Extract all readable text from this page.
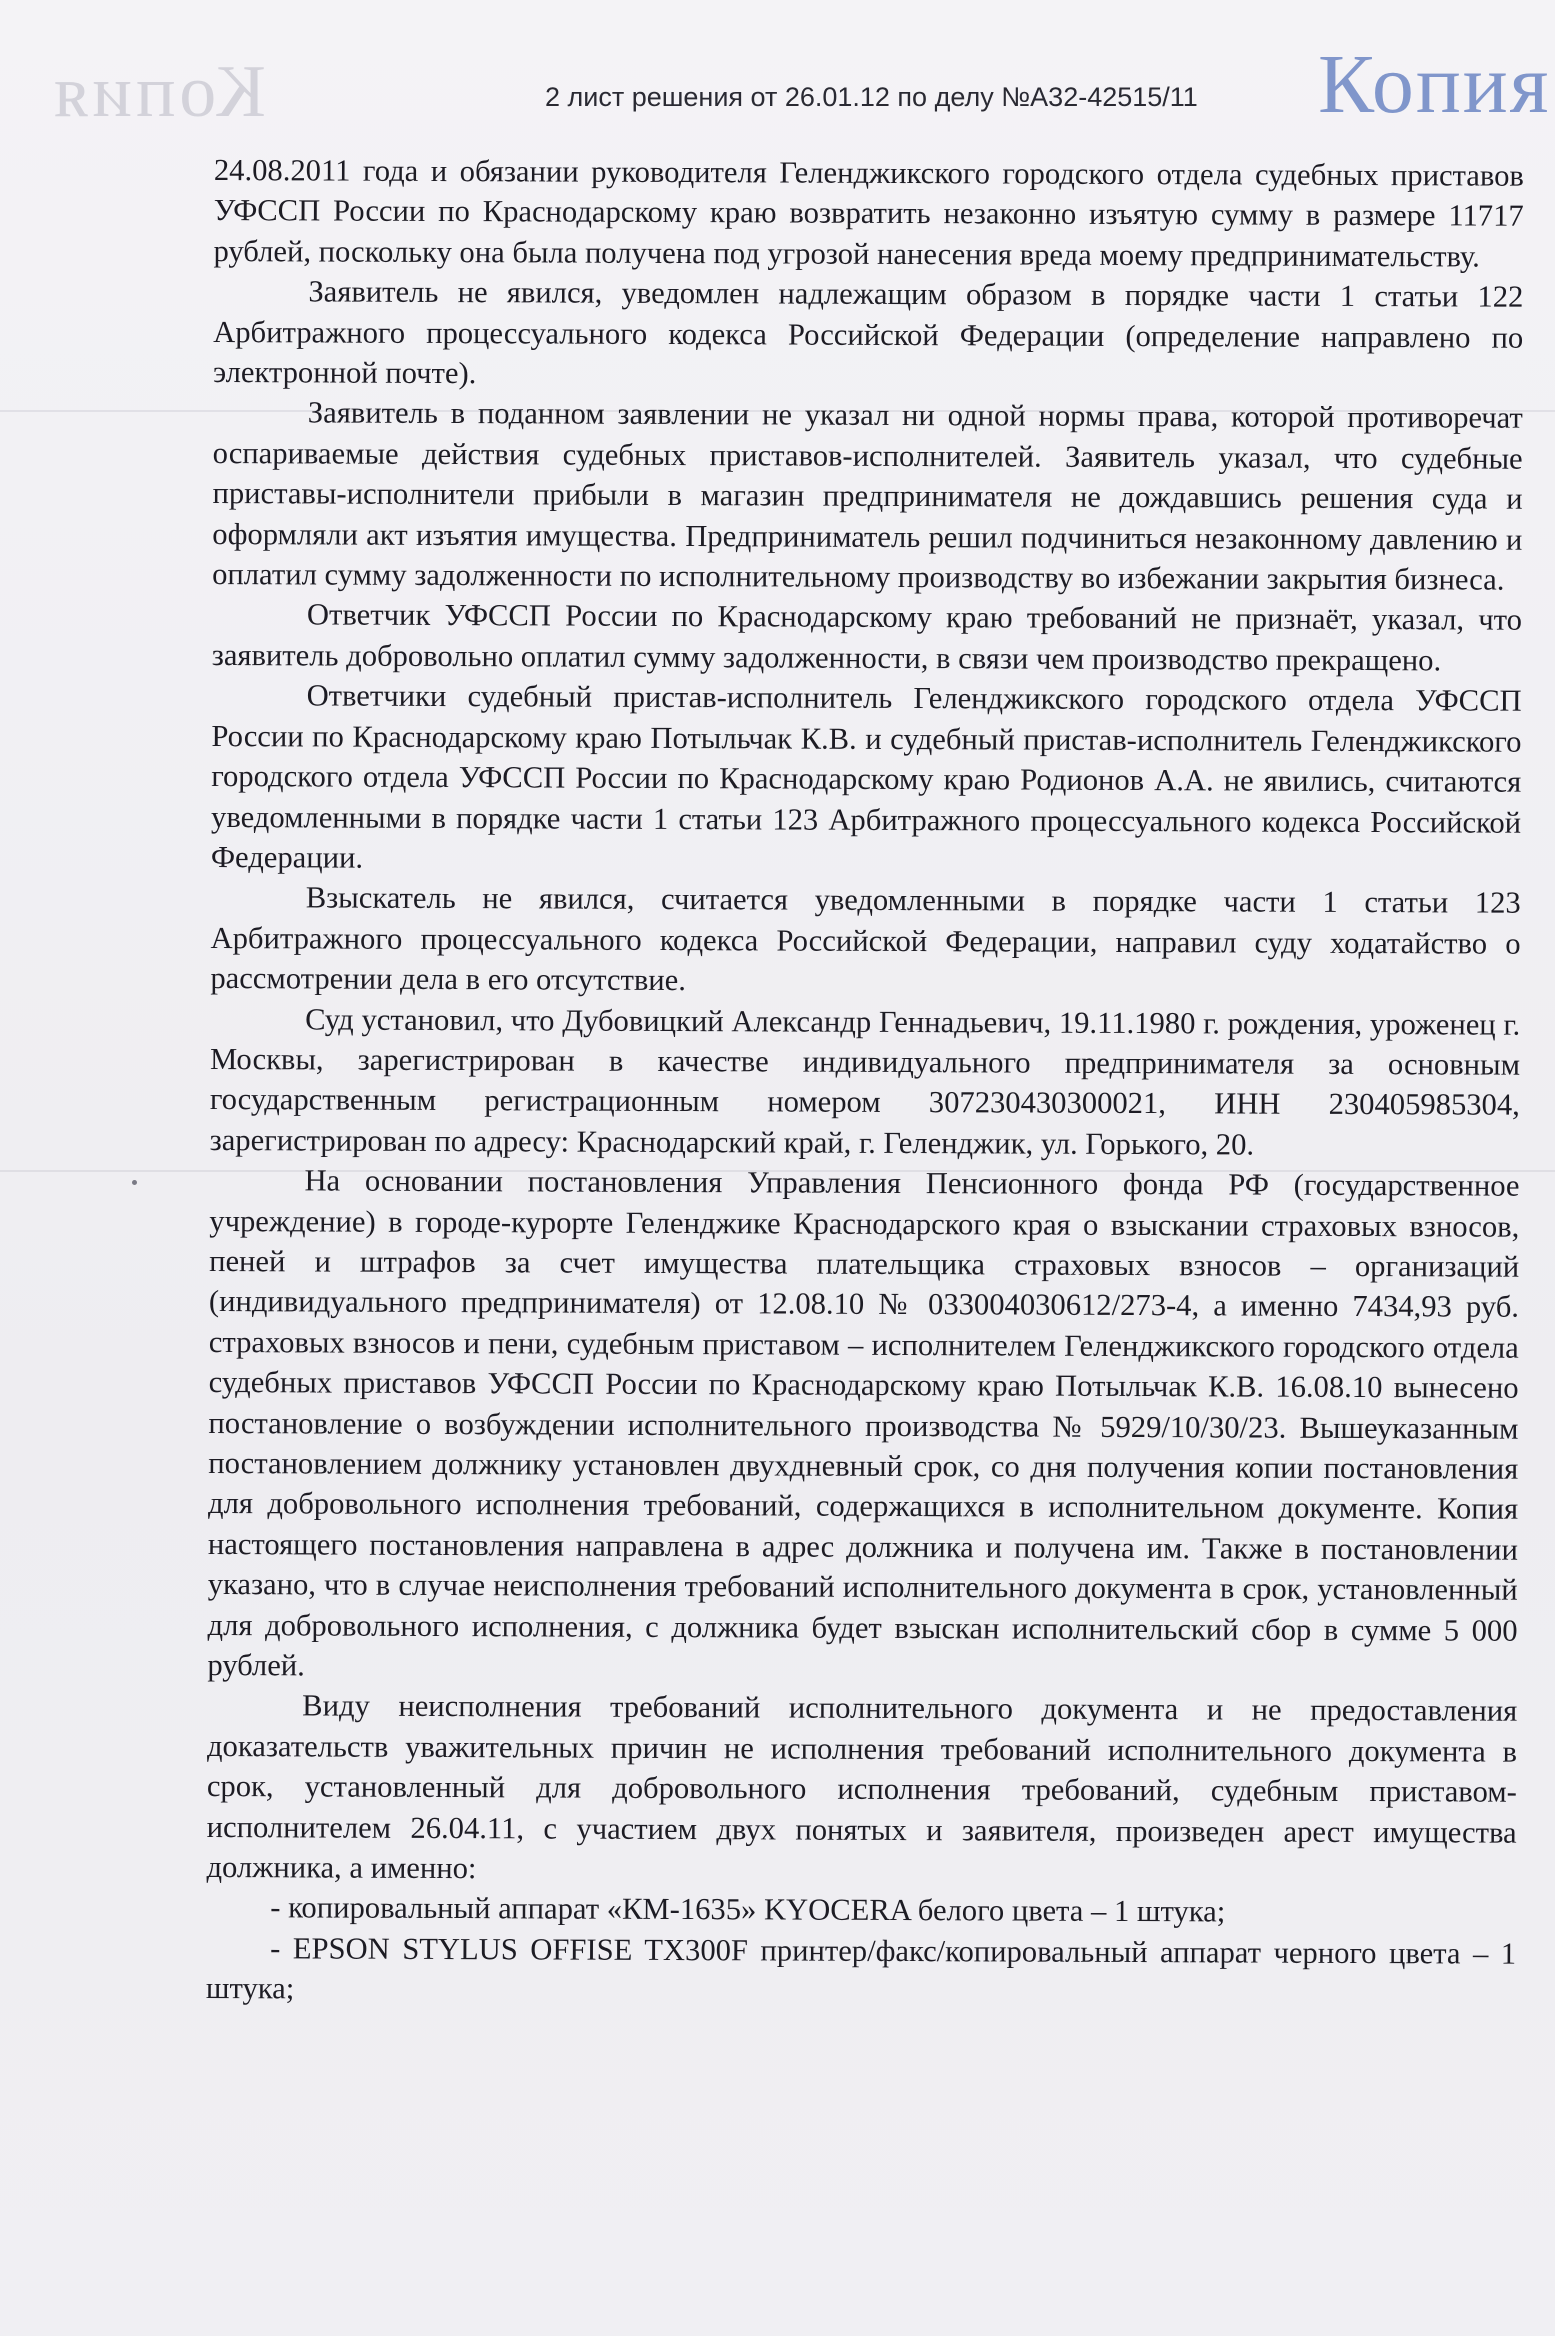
Копия	Копия
2 лист решения от 26.01.12 по делу №А32-42515/11

24.08.2011 года и обязании руководителя Геленджикского городского отдела судебных приставов УФССП России по Краснодарскому краю возвратить незаконно изъятую сумму в размере 11717 рублей, поскольку она была получена под угрозой нанесения вреда моему предпринимательству.

Заявитель не явился, уведомлен надлежащим образом в порядке части 1 статьи 122 Арбитражного процессуального кодекса Российской Федерации (определение направлено по электронной почте).

Заявитель в поданном заявлении не указал ни одной нормы права, которой противоречат оспариваемые действия судебных приставов-исполнителей. Заявитель указал, что судебные приставы-исполнители прибыли в магазин предпринимателя не дождавшись решения суда и оформляли акт изъятия имущества. Предприниматель решил подчиниться незаконному давлению и оплатил сумму задолженности по исполнительному производству во избежании закрытия бизнеса.

Ответчик УФССП России по Краснодарскому краю требований не признаёт, указал, что заявитель добровольно оплатил сумму задолженности, в связи чем производство прекращено.

Ответчики судебный пристав-исполнитель Геленджикского городского отдела УФССП России по Краснодарскому краю Потыльчак К.В. и судебный пристав-исполнитель Геленджикского городского отдела УФССП России по Краснодарскому краю Родионов А.А. не явились, считаются уведомленными в порядке части 1 статьи 123 Арбитражного процессуального кодекса Российской Федерации.

Взыскатель не явился, считается уведомленными в порядке части 1 статьи 123 Арбитражного процессуального кодекса Российской Федерации, направил суду ходатайство о рассмотрении дела в его отсутствие.

Суд установил, что Дубовицкий Александр Геннадьевич, 19.11.1980 г. рождения, уроженец г. Москвы, зарегистрирован в качестве индивидуального предпринимателя за основным государственным регистрационным номером 307230430300021, ИНН 230405985304, зарегистрирован по адресу: Краснодарский край, г. Геленджик, ул. Горького, 20.

На основании постановления Управления Пенсионного фонда РФ (государственное учреждение) в городе-курорте Геленджике Краснодарского края о взыскании страховых взносов, пеней и штрафов за счет имущества плательщика страховых взносов – организаций (индивидуального предпринимателя) от 12.08.10 № 033004030612/273-4, а именно 7434,93 руб. страховых взносов и пени, судебным приставом – исполнителем Геленджикского городского отдела судебных приставов УФССП России по Краснодарскому краю Потыльчак К.В. 16.08.10 вынесено постановление о возбуждении исполнительного производства № 5929/10/30/23. Вышеуказанным постановлением должнику установлен двухдневный срок, со дня получения копии постановления для добровольного исполнения требований, содержащихся в исполнительном документе. Копия настоящего постановления направлена в адрес должника и получена им. Также в постановлении указано, что в случае неисполнения требований исполнительного документа в срок, установленный для добровольного исполнения, с должника будет взыскан исполнительский сбор в сумме 5 000 рублей.

Виду неисполнения требований исполнительного документа и не предоставления доказательств уважительных причин не исполнения требований исполнительного документа в срок, установленный для добровольного исполнения требований, судебным приставом-исполнителем 26.04.11, с участием двух понятых и заявителя, произведен арест имущества должника, а именно:

- копировальный аппарат «КМ-1635» KYOCERA белого цвета – 1 штука;

- EPSON STYLUS OFFISE TX300F принтер/факс/копировальный аппарат черного цвета – 1 штука;
